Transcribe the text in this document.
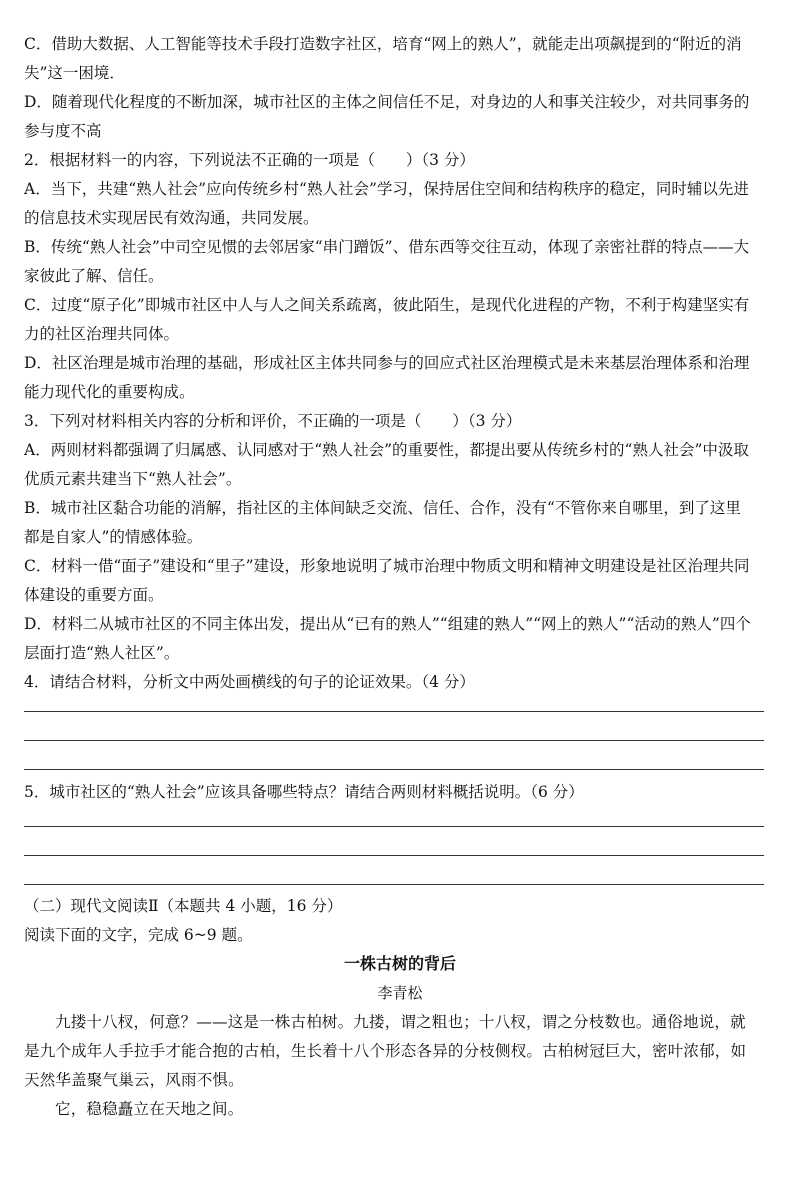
C．借助大数据、人工智能等技术手段打造数字社区，培育“网上的熟人”，就能走出项飙提到的“附近的消
失”这一困境．
D．随着现代化程度的不断加深，城市社区的主体之间信任不足，对身边的人和事关注较少，对共同事务的
参与度不高
2．根据材料一的内容，下列说法不正确的一项是（　　）（3 分）
A．当下，共建“熟人社会”应向传统乡村“熟人社会”学习，保持居住空间和结构秩序的稳定，同时辅以先进
的信息技术实现居民有效沟通，共同发展。
B．传统“熟人社会”中司空见惯的去邻居家“串门蹭饭”、借东西等交往互动，体现了亲密社群的特点——大
家彼此了解、信任。
C．过度“原子化”即城市社区中人与人之间关系疏离，彼此陌生，是现代化进程的产物，不利于构建坚实有
力的社区治理共同体。
D．社区治理是城市治理的基础，形成社区主体共同参与的回应式社区治理模式是未来基层治理体系和治理
能力现代化的重要构成。
3．下列对材料相关内容的分析和评价，不正确的一项是（　　）（3 分）
A．两则材料都强调了归属感、认同感对于“熟人社会”的重要性，都提出要从传统乡村的“熟人社会”中汲取
优质元素共建当下“熟人社会”。
B．城市社区黏合功能的消解，指社区的主体间缺乏交流、信任、合作，没有“不管你来自哪里，到了这里
都是自家人”的情感体验。
C．材料一借“面子”建设和“里子”建设，形象地说明了城市治理中物质文明和精神文明建设是社区治理共同
体建设的重要方面。
D．材料二从城市社区的不同主体出发，提出从“已有的熟人”“组建的熟人”“网上的熟人”“活动的熟人”四个
层面打造“熟人社区”。
4．请结合材料，分析文中两处画横线的句子的论证效果。（4 分）
5．城市社区的“熟人社会”应该具备哪些特点？请结合两则材料概括说明。（6 分）
（二）现代文阅读Ⅱ（本题共 4 小题，16 分）
阅读下面的文字，完成 6~9 题。
一株古树的背后
李青松
九搂十八杈，何意？——这是一株古柏树。九搂，谓之粗也；十八杈，谓之分枝数也。通俗地说，就
是九个成年人手拉手才能合抱的古柏，生长着十八个形态各异的分枝侧杈。古柏树冠巨大，密叶浓郁，如
天然华盖聚气巢云，风雨不惧。
它，稳稳矗立在天地之间。
